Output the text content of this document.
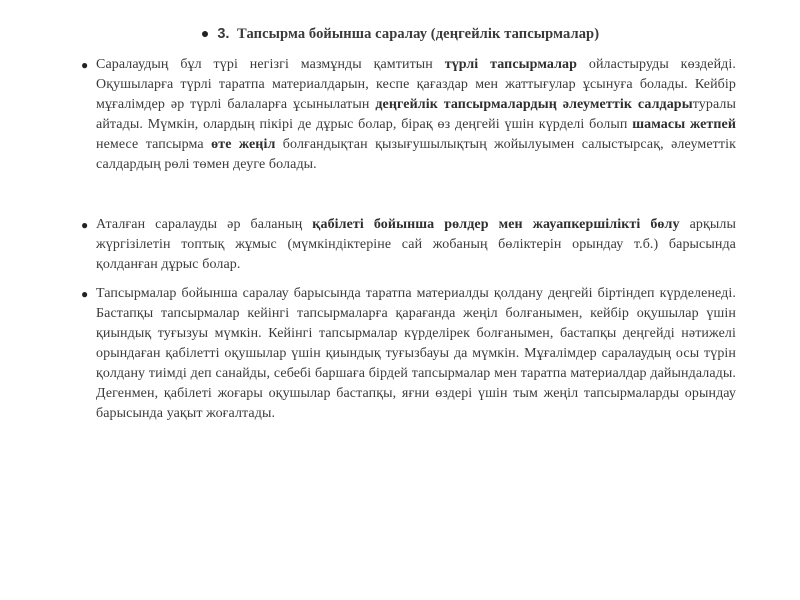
● 3. Тапсырма бойынша саралау (деңгейлік тапсырмалар)
● Саралаудың бұл түрі негізгі мазмұнды қамтитын түрлі тапсырмалар ойластыруды көздейді. Оқушыларға түрлі таратпа материалдарын, кеспе қағаздар мен жаттығулар ұсынуға болады. Кейбір мұғалімдер әр түрлі балаларға ұсынылатын деңгейлік тапсырмалардың әлеуметтік салдарытуралы айтады. Мүмкін, олардың пікірі де дұрыс болар, бірақ өз деңгейі үшін күрделі болып шамасы жетпей немесе тапсырма өте жеңіл болғандықтан қызығушылықтың жойылуымен салыстырсақ, әлеуметтік салдардың рөлі төмен деуге болады.
● Аталған саралауды әр баланың қабілеті бойынша рөлдер мен жауапкершілікті бөлу арқылы жүргізілетін топтық жұмыс (мүмкіндіктеріне сай жобаның бөліктерін орындау т.б.) барысында қолданған дұрыс болар.
● Тапсырмалар бойынша саралау барысында таратпа материалды қолдану деңгейі біртіндеп күрделенеді. Бастапқы тапсырмалар кейінгі тапсырмаларға қарағанда жеңіл болғанымен, кейбір оқушылар үшін қиындық туғызуы мүмкін. Кейінгі тапсырмалар күрделірек болғанымен, бастапқы деңгейді нәтижелі орындаған қабілетті оқушылар үшін қиындық туғызбауы да мүмкін. Мұғалімдер саралаудың осы түрін қолдану тиімді деп санайды, себебі баршаға бірдей тапсырмалар мен таратпа материалдар дайындалады. Дегенмен, қабілеті жоғары оқушылар бастапқы, яғни өздері үшін тым жеңіл тапсырмаларды орындау барысында уақыт жоғалтады.
